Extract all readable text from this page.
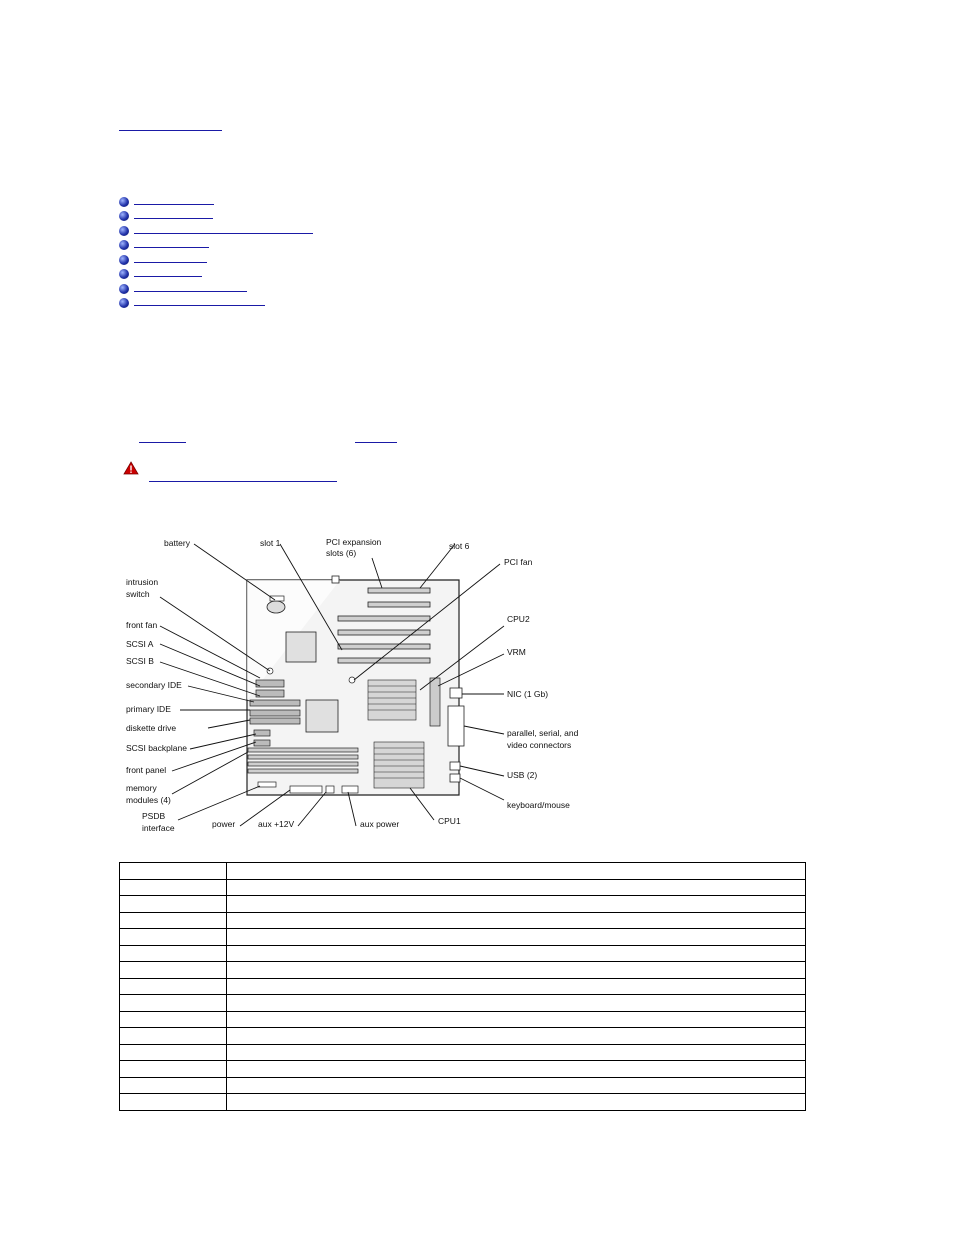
battery	slot 1	PCI expansion
slots (6)
slot 6
PCI fan
intrusion
switch
front fan
SCSI A
SCSI B
secondary IDE
primary IDE
diskette drive
SCSI backplane
front panel
memory
modules (4)
PSDB
interface	power	aux +12V	aux power	CPU1
CPU2
VRM
NIC (1 Gb)
parallel, serial, and
video connectors
USB (2)
keyboard/mouse
